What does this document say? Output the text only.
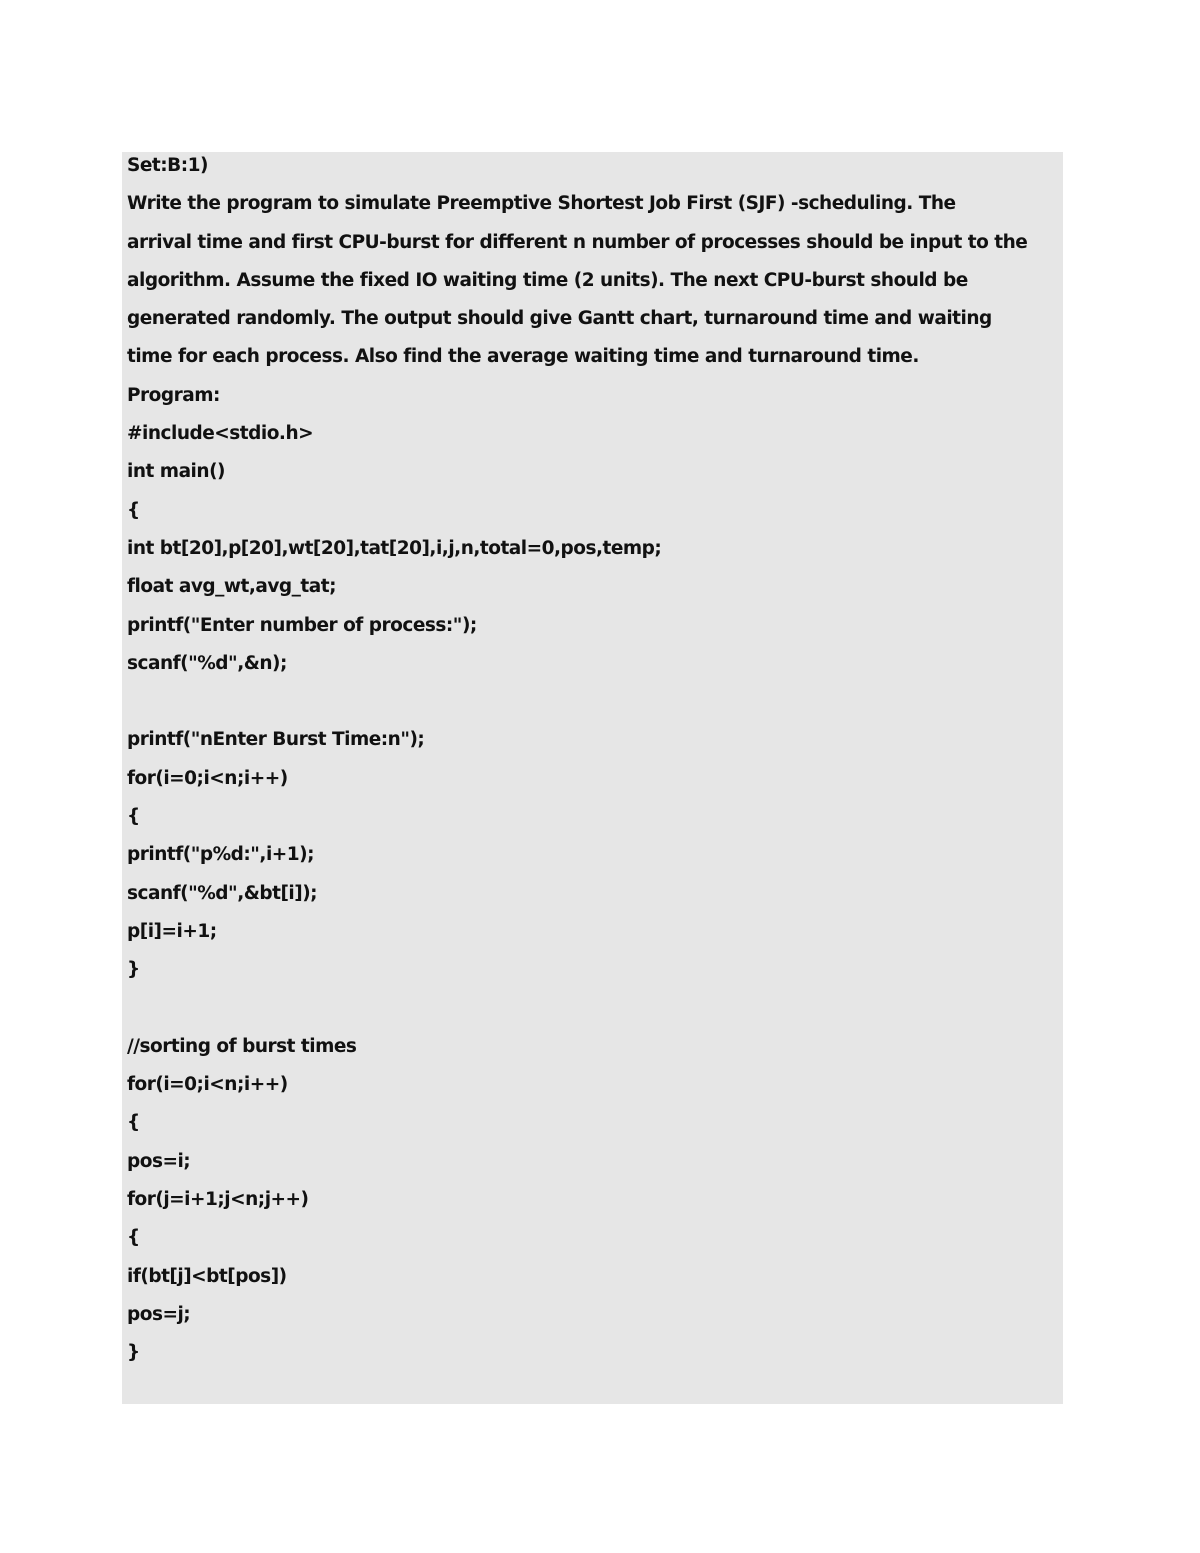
Set:B:1)
Write the program to simulate Preemptive Shortest Job First (SJF) -scheduling. The
arrival time and first CPU-burst for different n number of processes should be input to the
algorithm. Assume the fixed IO waiting time (2 units). The next CPU-burst should be
generated randomly. The output should give Gantt chart, turnaround time and waiting
time for each process. Also find the average waiting time and turnaround time.
Program:
#include<stdio.h>
int main()
{
int bt[20],p[20],wt[20],tat[20],i,j,n,total=0,pos,temp;
float avg_wt,avg_tat;
printf("Enter number of process:");
scanf("%d",&n);
printf("nEnter Burst Time:n");
for(i=0;i<n;i++)
{
printf("p%d:",i+1);
scanf("%d",&bt[i]);
p[i]=i+1;
}
//sorting of burst times
for(i=0;i<n;i++)
{
pos=i;
for(j=i+1;j<n;j++)
{
if(bt[j]<bt[pos])
pos=j;
}
